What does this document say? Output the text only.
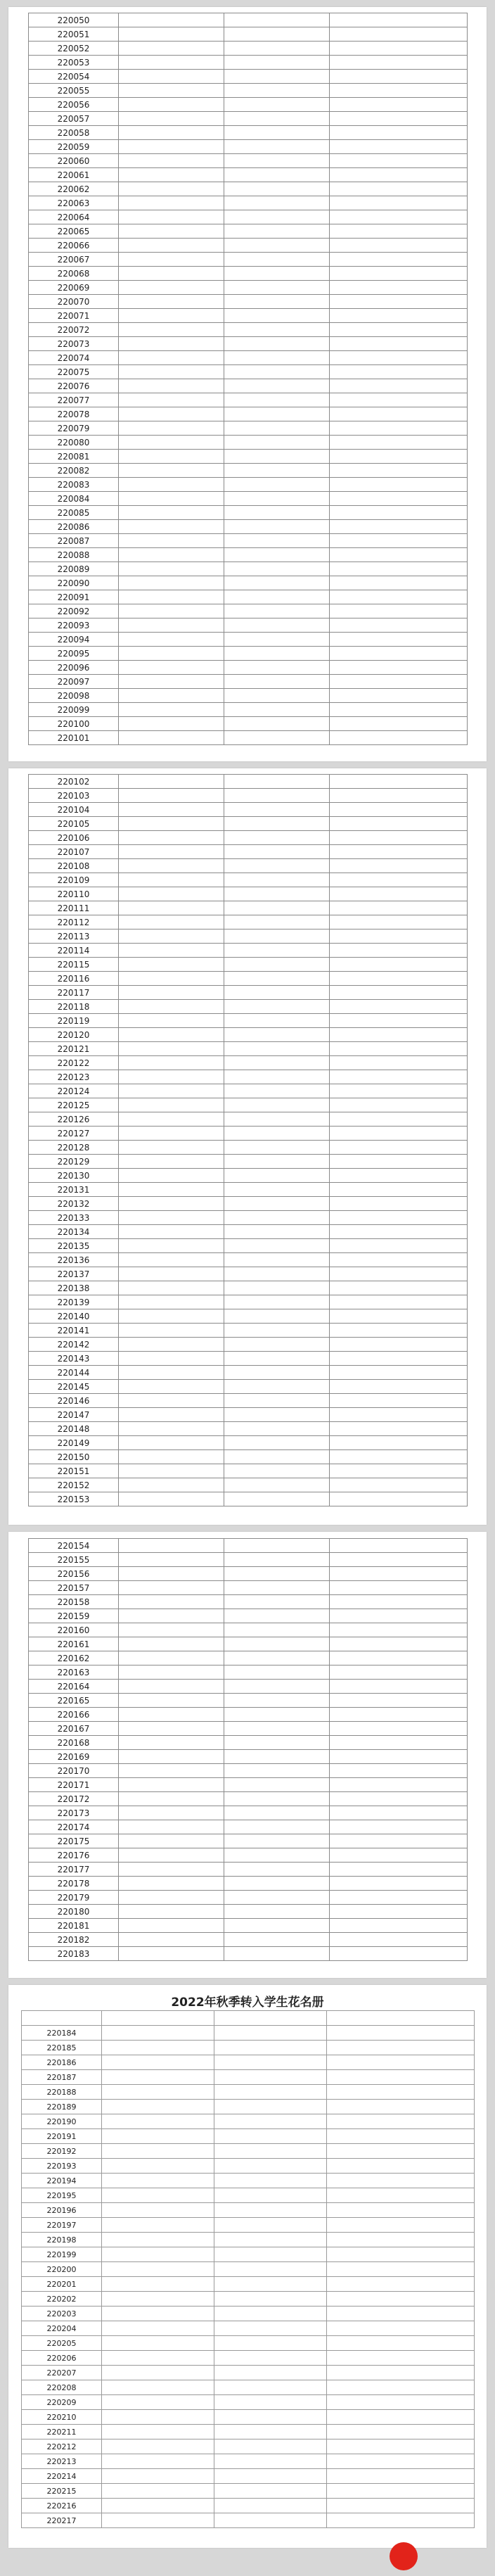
220050			
220051			
220052			
220053			
220054			
220055			
220056			
220057			
220058			
220059			
220060			
220061			
220062			
220063			
220064			
220065			
220066			
220067			
220068			
220069			
220070			
220071			
220072			
220073			
220074			
220075			
220076			
220077			
220078			
220079			
220080			
220081			
220082			
220083			
220084			
220085			
220086			
220087			
220088			
220089			
220090			
220091			
220092			
220093			
220094			
220095			
220096			
220097			
220098			
220099			
220100			
220101			
220102			
220103			
220104			
220105			
220106			
220107			
220108			
220109			
220110			
220111			
220112			
220113			
220114			
220115			
220116			
220117			
220118			
220119			
220120			
220121			
220122			
220123			
220124			
220125			
220126			
220127			
220128			
220129			
220130			
220131			
220132			
220133			
220134			
220135			
220136			
220137			
220138			
220139			
220140			
220141			
220142			
220143			
220144			
220145			
220146			
220147			
220148			
220149			
220150			
220151			
220152			
220153			
220154			
220155			
220156			
220157			
220158			
220159			
220160			
220161			
220162			
220163			
220164			
220165			
220166			
220167			
220168			
220169			
220170			
220171			
220172			
220173			
220174			
220175			
220176			
220177			
220178			
220179			
220180			
220181			
220182			
220183			
2022年秋季转入学生花名册

220184			
220185			
220186			
220187			
220188			
220189			
220190			
220191			
220192			
220193			
220194			
220195			
220196			
220197			
220198			
220199			
220200			
220201			
220202			
220203			
220204			
220205			
220206			
220207			
220208			
220209			
220210			
220211			
220212			
220213			
220214			
220215			
220216			
220217			
